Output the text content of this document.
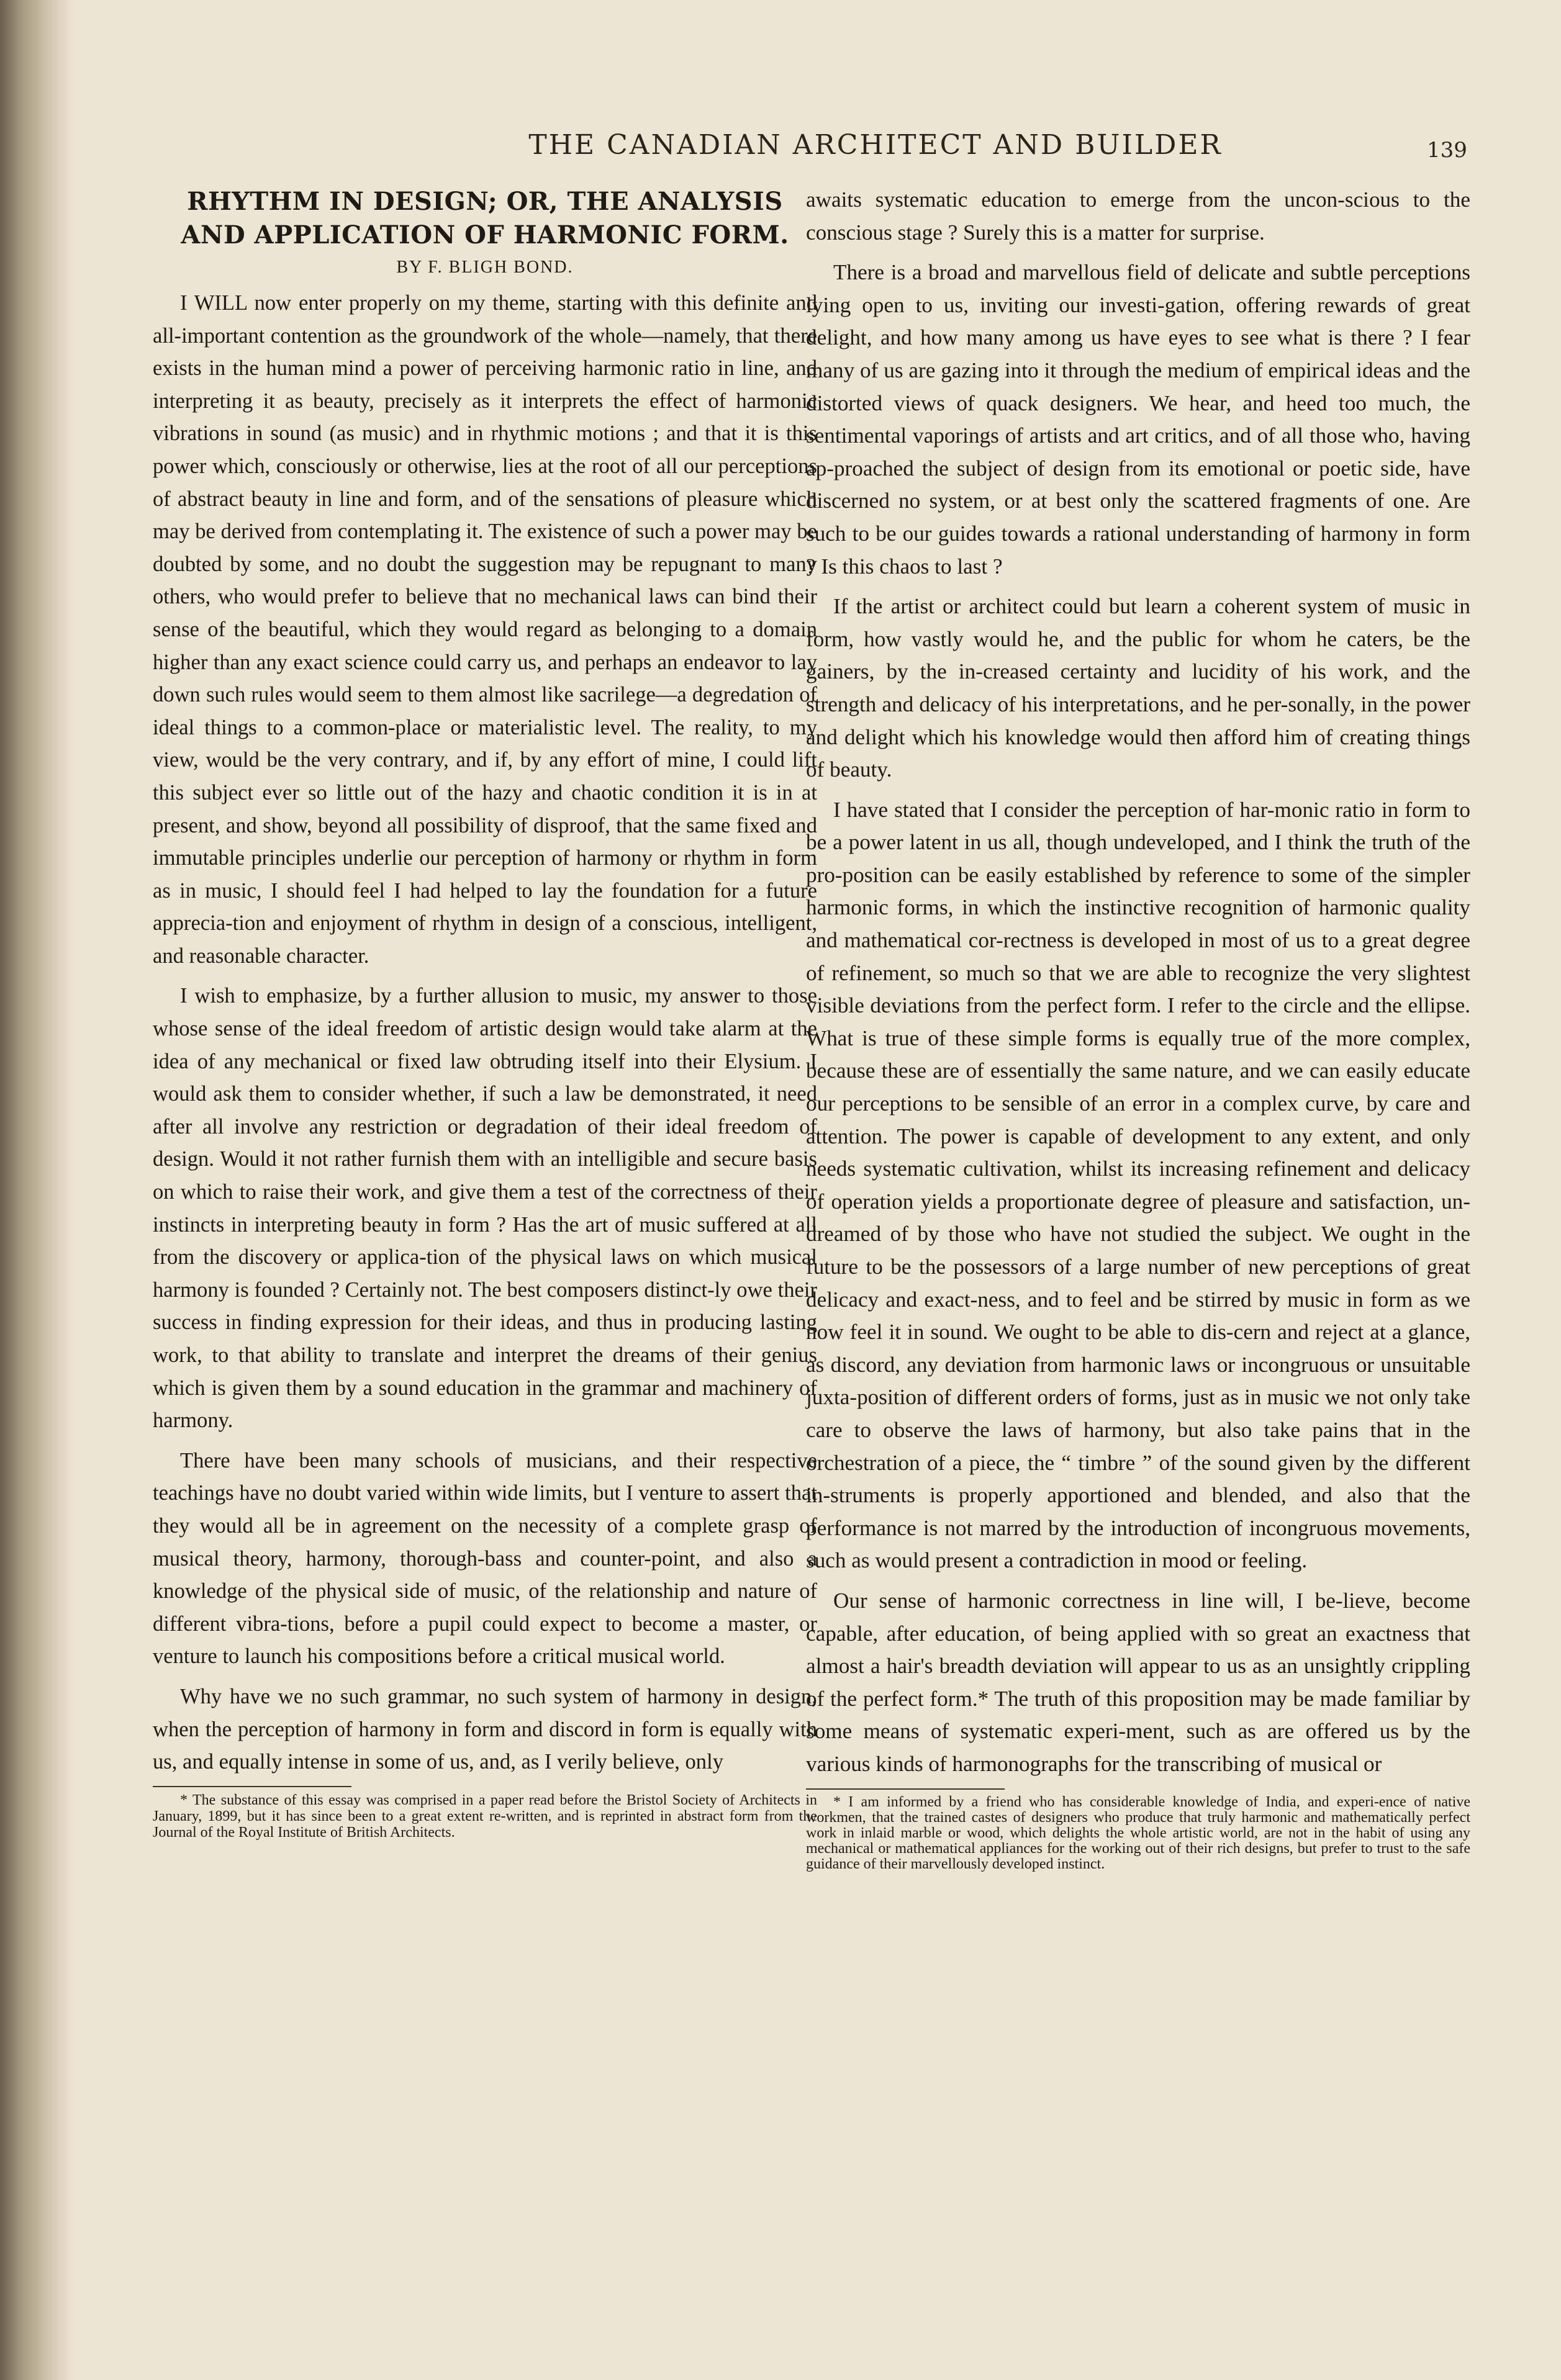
THE CANADIAN ARCHITECT AND BUILDER	139
RHYTHM IN DESIGN; OR, THE ANALYSIS AND APPLICATION OF HARMONIC FORM.
BY F. BLIGH BOND.

I WILL now enter properly on my theme, starting with this definite and all-important contention as the groundwork of the whole—namely, that there exists in the human mind a power of perceiving harmonic ratio in line, and interpreting it as beauty, precisely as it interprets the effect of harmonic vibrations in sound (as music) and in rhythmic motions ; and that it is this power which, consciously or otherwise, lies at the root of all our perceptions of abstract beauty in line and form, and of the sensations of pleasure which may be derived from contemplating it. The existence of such a power may be doubted by some, and no doubt the suggestion may be repugnant to many others, who would prefer to believe that no mechanical laws can bind their sense of the beautiful, which they would regard as belonging to a domain higher than any exact science could carry us, and perhaps an endeavor to lay down such rules would seem to them almost like sacrilege—a degredation of ideal things to a common-place or materialistic level. The reality, to my view, would be the very contrary, and if, by any effort of mine, I could lift this subject ever so little out of the hazy and chaotic condition it is in at present, and show, beyond all possibility of disproof, that the same fixed and immutable principles underlie our perception of harmony or rhythm in form as in music, I should feel I had helped to lay the foundation for a future apprecia-tion and enjoyment of rhythm in design of a conscious, intelligent, and reasonable character.

I wish to emphasize, by a further allusion to music, my answer to those whose sense of the ideal freedom of artistic design would take alarm at the idea of any mechanical or fixed law obtruding itself into their Elysium. I would ask them to consider whether, if such a law be demonstrated, it need after all involve any restriction or degradation of their ideal freedom of design. Would it not rather furnish them with an intelligible and secure basis on which to raise their work, and give them a test of the correctness of their instincts in interpreting beauty in form ? Has the art of music suffered at all from the discovery or applica-tion of the physical laws on which musical harmony is founded ? Certainly not. The best composers distinct-ly owe their success in finding expression for their ideas, and thus in producing lasting work, to that ability to translate and interpret the dreams of their genius which is given them by a sound education in the grammar and machinery of harmony.

There have been many schools of musicians, and their respective teachings have no doubt varied within wide limits, but I venture to assert that they would all be in agreement on the necessity of a complete grasp of musical theory, harmony, thorough-bass and counter-point, and also a knowledge of the physical side of music, of the relationship and nature of different vibra-tions, before a pupil could expect to become a master, or venture to launch his compositions before a critical musical world.

Why have we no such grammar, no such system of harmony in design, when the perception of harmony in form and discord in form is equally with us, and equally intense in some of us, and, as I verily believe, only

* The substance of this essay was comprised in a paper read before the Bristol Society of Architects in January, 1899, but it has since been to a great extent re-written, and is reprinted in abstract form from the Journal of the Royal Institute of British Architects.

awaits systematic education to emerge from the uncon-scious to the conscious stage ? Surely this is a matter for surprise.

There is a broad and marvellous field of delicate and subtle perceptions lying open to us, inviting our investi-gation, offering rewards of great delight, and how many among us have eyes to see what is there ? I fear many of us are gazing into it through the medium of empirical ideas and the distorted views of quack designers. We hear, and heed too much, the sentimental vaporings of artists and art critics, and of all those who, having ap-proached the subject of design from its emotional or poetic side, have discerned no system, or at best only the scattered fragments of one. Are such to be our guides towards a rational understanding of harmony in form ? Is this chaos to last ?

If the artist or architect could but learn a coherent system of music in form, how vastly would he, and the public for whom he caters, be the gainers, by the in-creased certainty and lucidity of his work, and the strength and delicacy of his interpretations, and he per-sonally, in the power and delight which his knowledge would then afford him of creating things of beauty.

I have stated that I consider the perception of har-monic ratio in form to be a power latent in us all, though undeveloped, and I think the truth of the pro-position can be easily established by reference to some of the simpler harmonic forms, in which the instinctive recognition of harmonic quality and mathematical cor-rectness is developed in most of us to a great degree of refinement, so much so that we are able to recognize the very slightest visible deviations from the perfect form. I refer to the circle and the ellipse. What is true of these simple forms is equally true of the more complex, because these are of essentially the same nature, and we can easily educate our perceptions to be sensible of an error in a complex curve, by care and attention. The power is capable of development to any extent, and only needs systematic cultivation, whilst its increasing refinement and delicacy of operation yields a proportionate degree of pleasure and satisfaction, un-dreamed of by those who have not studied the subject. We ought in the future to be the possessors of a large number of new perceptions of great delicacy and exact-ness, and to feel and be stirred by music in form as we now feel it in sound. We ought to be able to dis-cern and reject at a glance, as discord, any deviation from harmonic laws or incongruous or unsuitable juxta-position of different orders of forms, just as in music we not only take care to observe the laws of harmony, but also take pains that in the orchestration of a piece, the “ timbre ” of the sound given by the different in-struments is properly apportioned and blended, and also that the performance is not marred by the introduction of incongruous movements, such as would present a contradiction in mood or feeling.

Our sense of harmonic correctness in line will, I be-lieve, become capable, after education, of being applied with so great an exactness that almost a hair's breadth deviation will appear to us as an unsightly crippling of the perfect form.* The truth of this proposition may be made familiar by some means of systematic experi-ment, such as are offered us by the various kinds of harmonographs for the transcribing of musical or

* I am informed by a friend who has considerable knowledge of India, and experi-ence of native workmen, that the trained castes of designers who produce that truly harmonic and mathematically perfect work in inlaid marble or wood, which delights the whole artistic world, are not in the habit of using any mechanical or mathematical appliances for the working out of their rich designs, but prefer to trust to the safe guidance of their marvellously developed instinct.
